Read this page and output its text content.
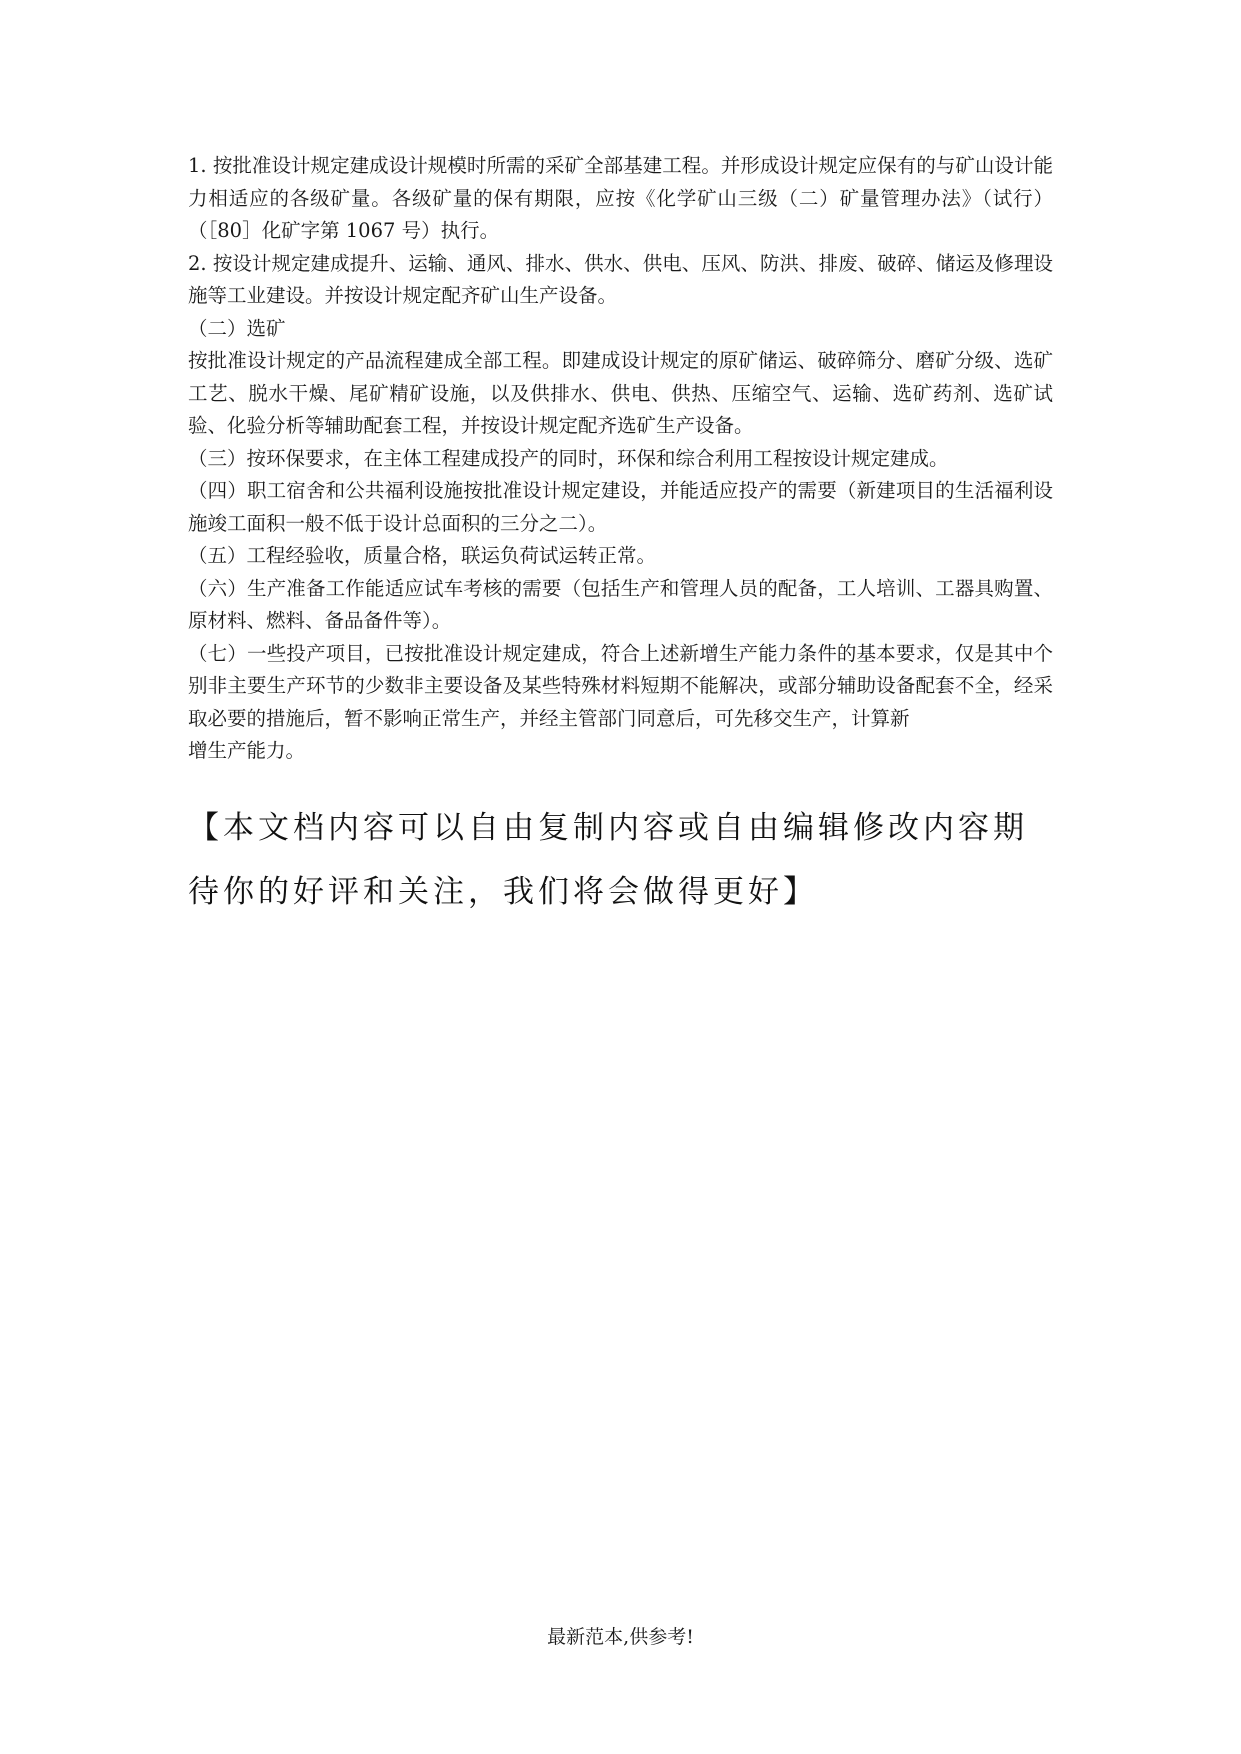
1. 按批准设计规定建成设计规模时所需的采矿全部基建工程。并形成设计规定应保有的与矿山设计能力相适应的各级矿量。各级矿量的保有期限，应按《化学矿山三级（二）矿量管理办法》（试行）（［80］化矿字第 1067 号）执行。

2. 按设计规定建成提升、运输、通风、排水、供水、供电、压风、防洪、排废、破碎、储运及修理设施等工业建设。并按设计规定配齐矿山生产设备。

（二）选矿

按批准设计规定的产品流程建成全部工程。即建成设计规定的原矿储运、破碎筛分、磨矿分级、选矿工艺、脱水干燥、尾矿精矿设施，以及供排水、供电、供热、压缩空气、运输、选矿药剂、选矿试验、化验分析等辅助配套工程，并按设计规定配齐选矿生产设备。

（三）按环保要求，在主体工程建成投产的同时，环保和综合利用工程按设计规定建成。

（四）职工宿舍和公共福利设施按批准设计规定建设，并能适应投产的需要（新建项目的生活福利设施竣工面积一般不低于设计总面积的三分之二）。

（五）工程经验收，质量合格，联运负荷试运转正常。

（六）生产准备工作能适应试车考核的需要（包括生产和管理人员的配备，工人培训、工器具购置、原材料、燃料、备品备件等）。

（七）一些投产项目，已按批准设计规定建成，符合上述新增生产能力条件的基本要求，仅是其中个别非主要生产环节的少数非主要设备及某些特殊材料短期不能解决，或部分辅助设备配套不全，经采取必要的措施后，暂不影响正常生产，并经主管部门同意后，可先移交生产，计算新

增生产能力。

【本文档内容可以自由复制内容或自由编辑修改内容期待你的好评和关注，我们将会做得更好】

最新范本,供参考!
